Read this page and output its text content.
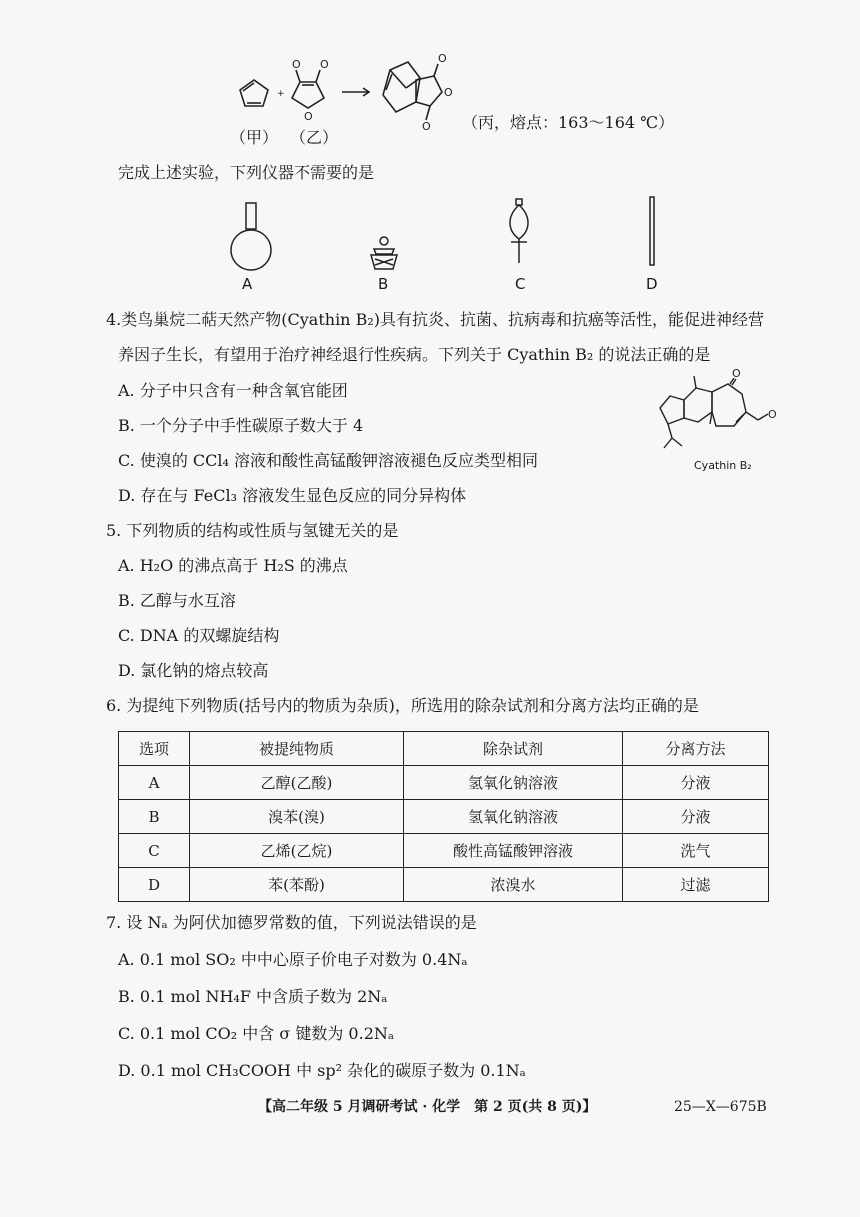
O
O
O
O
O
O
+
（甲） （乙）
（丙，熔点：163～164 ℃）
完成上述实验，下列仪器不需要的是
A	B	C	D
4.类鸟巢烷二萜天然产物(Cyathin B₂)具有抗炎、抗菌、抗病毒和抗癌等活性，能促进神经营
养因子生长，有望用于治疗神经退行性疾病。下列关于 Cyathin B₂ 的说法正确的是
A. 分子中只含有一种含氧官能团
B. 一个分子中手性碳原子数大于 4
C. 使溴的 CCl₄ 溶液和酸性高锰酸钾溶液褪色反应类型相同
D. 存在与 FeCl₃ 溶液发生显色反应的同分异构体
O
O
Cyathin B₂
5. 下列物质的结构或性质与氢键无关的是
A. H₂O 的沸点高于 H₂S 的沸点
B. 乙醇与水互溶
C. DNA 的双螺旋结构
D. 氯化钠的熔点较高
6. 为提纯下列物质(括号内的物质为杂质)，所选用的除杂试剂和分离方法均正确的是
选项	被提纯物质	除杂试剂	分离方法
A	乙醇(乙酸)	氢氧化钠溶液	分液
B	溴苯(溴)	氢氧化钠溶液	分液
C	乙烯(乙烷)	酸性高锰酸钾溶液	洗气
D	苯(苯酚)	浓溴水	过滤
7. 设 Nₐ 为阿伏加德罗常数的值，下列说法错误的是
A. 0.1 mol SO₂ 中中心原子价电子对数为 0.4Nₐ
B. 0.1 mol NH₄F 中含质子数为 2Nₐ
C. 0.1 mol CO₂ 中含 σ 键数为 0.2Nₐ
D. 0.1 mol CH₃COOH 中 sp² 杂化的碳原子数为 0.1Nₐ
【高二年级 5 月调研考试 · 化学　第 2 页(共 8 页)】	25—X—675B
